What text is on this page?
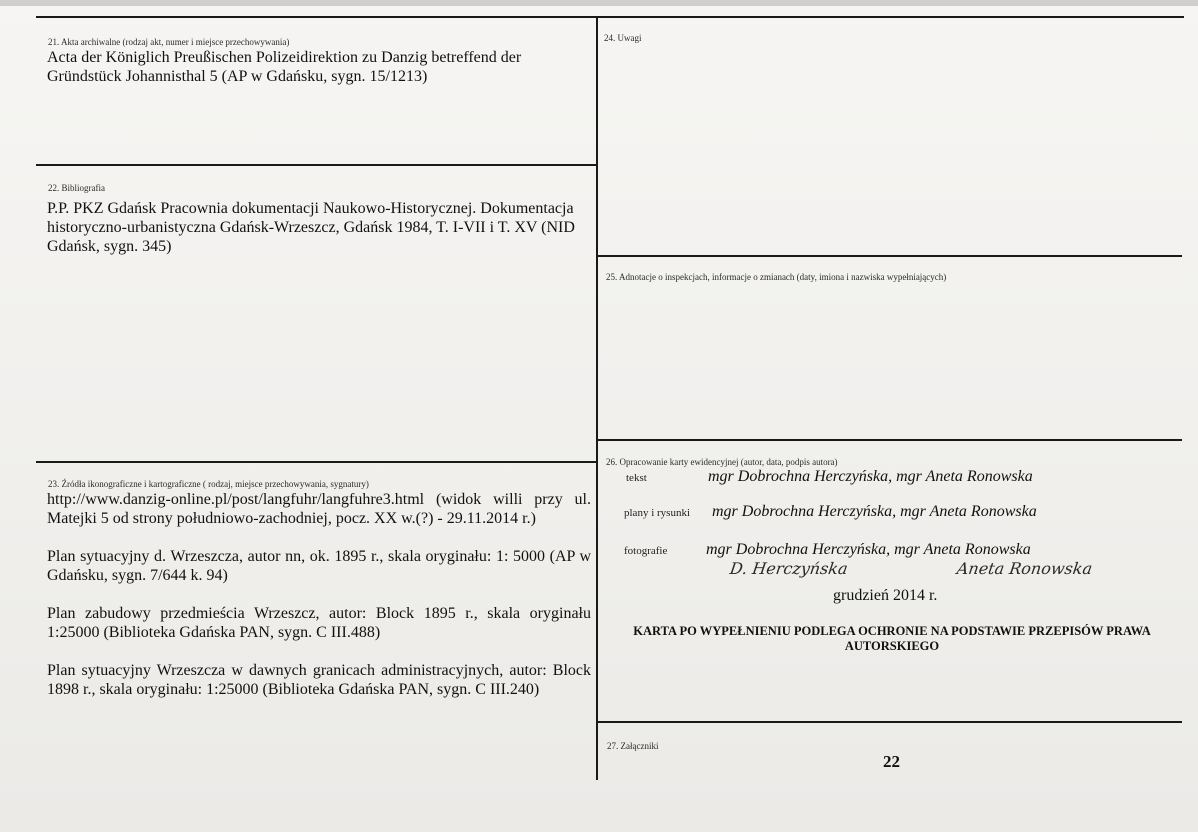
21. Akta archiwalne (rodzaj akt, numer i miejsce przechowywania)
Acta der Königlich Preußischen Polizeidirektion zu Danzig betreffend der Gründstück Johannisthal 5 (AP w Gdańsku, sygn. 15/1213)
22. Bibliografia
P.P. PKZ Gdańsk Pracownia dokumentacji Naukowo-Historycznej. Dokumentacja historyczno-urbanistyczna Gdańsk-Wrzeszcz, Gdańsk 1984, T. I-VII i T. XV (NID Gdańsk, sygn. 345)
23. Źródła ikonograficzne i kartograficzne ( rodzaj, miejsce przechowywania, sygnatury)

http://www.danzig-online.pl/post/langfuhr/langfuhre3.html (widok willi przy ul. Matejki 5 od strony południowo-zachodniej, pocz. XX w.(?) - 29.11.2014 r.)

Plan sytuacyjny d. Wrzeszcza, autor nn, ok. 1895 r., skala oryginału: 1: 5000 (AP w Gdańsku, sygn. 7/644 k. 94)

Plan zabudowy przedmieścia Wrzeszcz, autor: Block 1895 r., skala oryginału 1:25000 (Biblioteka Gdańska PAN, sygn. C III.488)

Plan sytuacyjny Wrzeszcza w dawnych granicach administracyjnych, autor: Block 1898 r., skala oryginału: 1:25000 (Biblioteka Gdańska PAN, sygn. C III.240)

24. Uwagi
25. Adnotacje o inspekcjach, informacje o zmianach (daty, imiona i nazwiska wypełniających)
26. Opracowanie karty ewidencyjnej (autor, data, podpis autora)
tekst	mgr Dobrochna Herczyńska, mgr Aneta Ronowska
plany i rysunki mgr Dobrochna Herczyńska, mgr Aneta Ronowska
fotografie mgr Dobrochna Herczyńska, mgr Aneta Ronowska
D. Herczyńska	Aneta Ronowska
grudzień 2014 r.
KARTA PO WYPEŁNIENIU PODLEGA OCHRONIE NA PODSTAWIE PRZEPISÓW PRAWA AUTORSKIEGO
27. Załączniki
22
